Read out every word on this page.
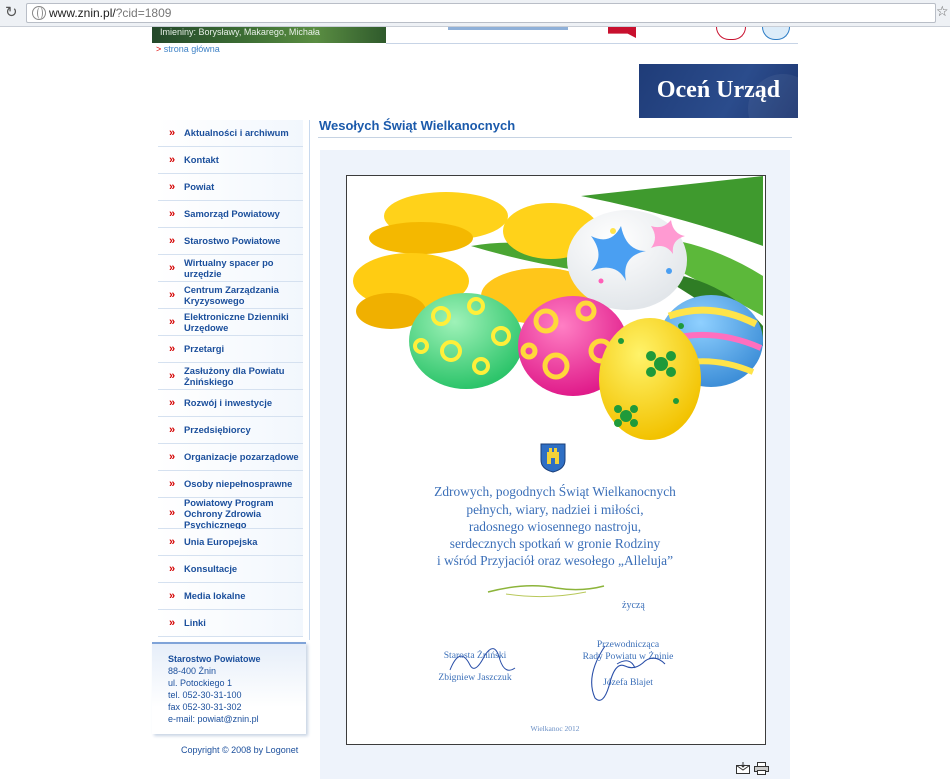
↻	www.znin.pl/?cid=1809	☆
Imieniny: Borysławy, Makarego, Michała
> strona główna
Oceń Urząd
»	Aktualności i archiwum
»	Kontakt
»	Powiat
»	Samorząd Powiatowy
»	Starostwo Powiatowe
»	Wirtualny spacer po urzędzie
»	Centrum Zarządzania Kryzysowego
»	Elektroniczne Dzienniki Urzędowe
»	Przetargi
»	Zasłużony dla Powiatu Żnińskiego
»	Rozwój i inwestycje
»	Przedsiębiorcy
»	Organizacje pozarządowe
»	Osoby niepełnosprawne
»
Powiatowy Program Ochrony Zdrowia Psychicznego
»	Unia Europejska
»	Konsultacje
»	Media lokalne
»	Linki
Starostwo Powiatowe
88-400 Żnin
ul. Potockiego 1
tel. 052-30-31-100
fax 052-30-31-302
e-mail: powiat@znin.pl
Copyright © 2008 by Logonet
Wesołych Świąt Wielkanocnych
Zdrowych, pogodnych Świąt Wielkanocnych
pełnych, wiary, nadziei i miłości,
radosnego wiosennego nastroju,
serdecznych spotkań w gronie Rodziny
i wśród Przyjaciół oraz wesołego „Alleluja”
życzą
Starosta Żniński
Zbigniew Jaszczuk
Przewodnicząca
Rady Powiatu w Żninie
Józefa Blajet
Wielkanoc 2012
